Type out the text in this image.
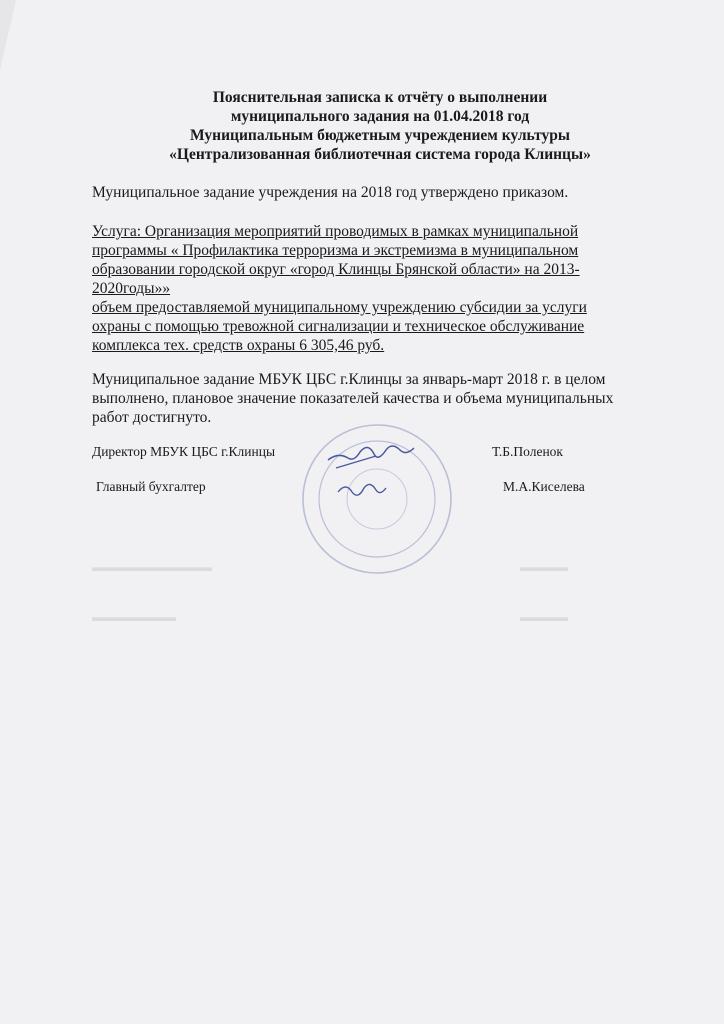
Пояснительная записка к отчёту о выполнении
муниципального задания на 01.04.2018 год
Муниципальным бюджетным учреждением культуры
«Централизованная библиотечная система города Клинцы»
Муниципальное задание учреждения на 2018 год утверждено приказом.
Услуга: Организация мероприятий проводимых в рамках муниципальной
программы « Профилактика терроризма и экстремизма в муниципальном
образовании городской округ «город Клинцы Брянской области» на 2013-
2020годы»»
объем предоставляемой муниципальному учреждению субсидии за услуги
охраны с помощью тревожной сигнализации и техническое обслуживание
комплекса тех. средств охраны 6 305,46 руб.
Муниципальное задание МБУК ЦБС г.Клинцы за январь-март 2018 г. в целом
выполнено, плановое значение показателей качества и объема муниципальных
работ достигнуто.
Директор МБУК ЦБС г.Клинцы	Т.Б.Поленок
Главный бухгалтер	М.А.Киселева
▬▬▬▬▬▬▬▬▬▬	▬▬▬▬
▬▬▬▬▬▬▬	▬▬▬▬
